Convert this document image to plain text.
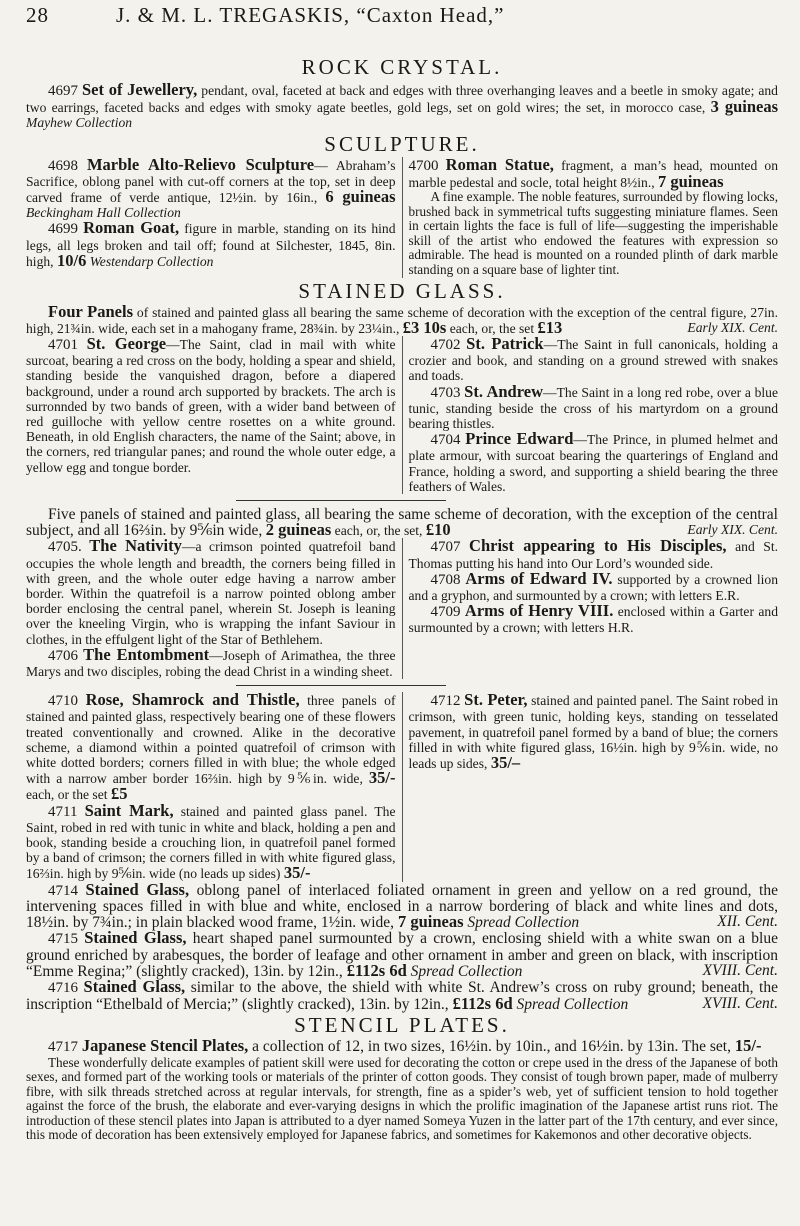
28	J. & M. L. TREGASKIS, “Caxton Head,”
ROCK CRYSTAL.

4697 Set of Jewellery, pendant, oval, faceted at back and edges with three overhanging leaves and a beetle in smoky agate; and two earrings, faceted backs and edges with smoky agate beetles, gold legs, set on gold wires; the set, in morocco case, 3 guineas Mayhew Collection

SCULPTURE.

4698 Marble Alto-Relievo Sculpture— Abraham’s Sacrifice, oblong panel with cut-off corners at the top, set in deep carved frame of verde antique, 12½in. by 16in., 6 guineas Beckingham Hall Collection

4699 Roman Goat, figure in marble, standing on its hind legs, all legs broken and tail off; found at Silchester, 1845, 8in. high, 10/6 Westendarp Collection

4700 Roman Statue, fragment, a man’s head, mounted on marble pedestal and socle, total height 8½in., 7 guineas

A fine example. The noble features, surrounded by flowing locks, brushed back in symmetrical tufts suggesting miniature flames. Seen in certain lights the face is full of life—suggesting the imperishable skill of the artist who endowed the features with expression so admirable. The head is mounted on a rounded plinth of dark marble standing on a square base of lighter tint.

STAINED GLASS.

Four Panels of stained and painted glass all bearing the same scheme of decoration with the exception of the central figure, 27in. high, 21¾in. wide, each set in a mahogany frame, 28¾in. by 23¼in., £3 10s each, or, the set £13	Early XIX. Cent.

4701 St. George—The Saint, clad in mail with white surcoat, bearing a red cross on the body, holding a spear and shield, standing beside the vanquished dragon, before a diapered background, under a round arch supported by brackets. The arch is surronnded by two bands of green, with a wider band between of red guilloche with yellow centre rosettes on a white ground. Beneath, in old English characters, the name of the Saint; above, in the corners, red triangular panes; and round the whole outer edge, a yellow egg and tongue border.

4702 St. Patrick—The Saint in full canonicals, holding a crozier and book, and standing on a ground strewed with snakes and toads.

4703 St. Andrew—The Saint in a long red robe, over a blue tunic, standing beside the cross of his martyrdom on a ground bearing thistles.

4704 Prince Edward—The Prince, in plumed helmet and plate armour, with surcoat bearing the quarterings of England and France, holding a sword, and supporting a shield bearing the three feathers of Wales.

Five panels of stained and painted glass, all bearing the same scheme of decoration, with the exception of the central subject, and all 16⅔in. by 9⅚in wide, 2 guineas each, or, the set, £10	Early XIX. Cent.

4705. The Nativity—a crimson pointed quatrefoil band occupies the whole length and breadth, the corners being filled in with green, and the whole outer edge having a narrow amber border. Within the quatrefoil is a narrow pointed oblong amber border enclosing the central panel, wherein St. Joseph is leaning over the kneeling Virgin, who is wrapping the infant Saviour in clothes, in the effulgent light of the Star of Bethlehem.

4706 The Entombment—Joseph of Arimathea, the three Marys and two disciples, robing the dead Christ in a winding sheet.

4707 Christ appearing to His Disciples, and St. Thomas putting his hand into Our Lord’s wounded side.

4708 Arms of Edward IV. supported by a crowned lion and a gryphon, and surmounted by a crown; with letters E.R.

4709 Arms of Henry VIII. enclosed within a Garter and surmounted by a crown; with letters H.R.

4710 Rose, Shamrock and Thistle, three panels of stained and painted glass, respectively bearing one of these flowers treated conventionally and crowned. Alike in the decorative scheme, a diamond within a pointed quatrefoil of crimson with white dotted borders; corners filled in with blue; the whole edged with a narrow amber border 16⅔in. high by 9⅚in. wide, 35/- each, or the set £5

4711 Saint Mark, stained and painted glass panel. The Saint, robed in red with tunic in white and black, holding a pen and book, standing beside a crouching lion, in quatrefoil panel formed by a band of crimson; the corners filled in with white figured glass, 16⅔in. high by 9⅚in. wide (no leads up sides) 35/-

4712 St. Peter, stained and painted panel. The Saint robed in crimson, with green tunic, holding keys, standing on tesselated pavement, in quatrefoil panel formed by a band of blue; the corners filled in with white figured glass, 16½in. high by 9⅚in. wide, no leads up sides, 35/–

4714 Stained Glass, oblong panel of interlaced foliated ornament in green and yellow on a red ground, the intervening spaces filled in with blue and white, enclosed in a narrow bordering of black and white lines and dots, 18½in. by 7¾in.; in plain blacked wood frame, 1½in. wide, 7 guineas Spread Collection	XII. Cent.

4715 Stained Glass, heart shaped panel surmounted by a crown, enclosing shield with a white swan on a blue ground enriched by arabesques, the border of leafage and other ornament in amber and green on black, with inscription “Emme Regina;” (slightly cracked), 13in. by 12in., £112s 6d Spread Collection	XVIII. Cent.

4716 Stained Glass, similar to the above, the shield with white St. Andrew’s cross on ruby ground; beneath, the inscription “Ethelbald of Mercia;” (slightly cracked), 13in. by 12in., £112s 6d Spread Collection	XVIII. Cent.

STENCIL PLATES.

4717 Japanese Stencil Plates, a collection of 12, in two sizes, 16½in. by 10in., and 16½in. by 13in. The set, 15/-

These wonderfully delicate examples of patient skill were used for decorating the cotton or crepe used in the dress of the Japanese of both sexes, and formed part of the working tools or materials of the printer of cotton goods. They consist of tough brown paper, made of mulberry fibre, with silk threads stretched across at regular intervals, for strength, fine as a spider’s web, yet of sufficient tension to hold together against the force of the brush, the elaborate and ever-varying designs in which the prolific imagination of the Japanese artist runs riot. The introduction of these stencil plates into Japan is attributed to a dyer named Someya Yuzen in the latter part of the 17th century, and ever since, this mode of decoration has been extensively employed for Japanese fabrics, and sometimes for Kakemonos and other decorative objects.
